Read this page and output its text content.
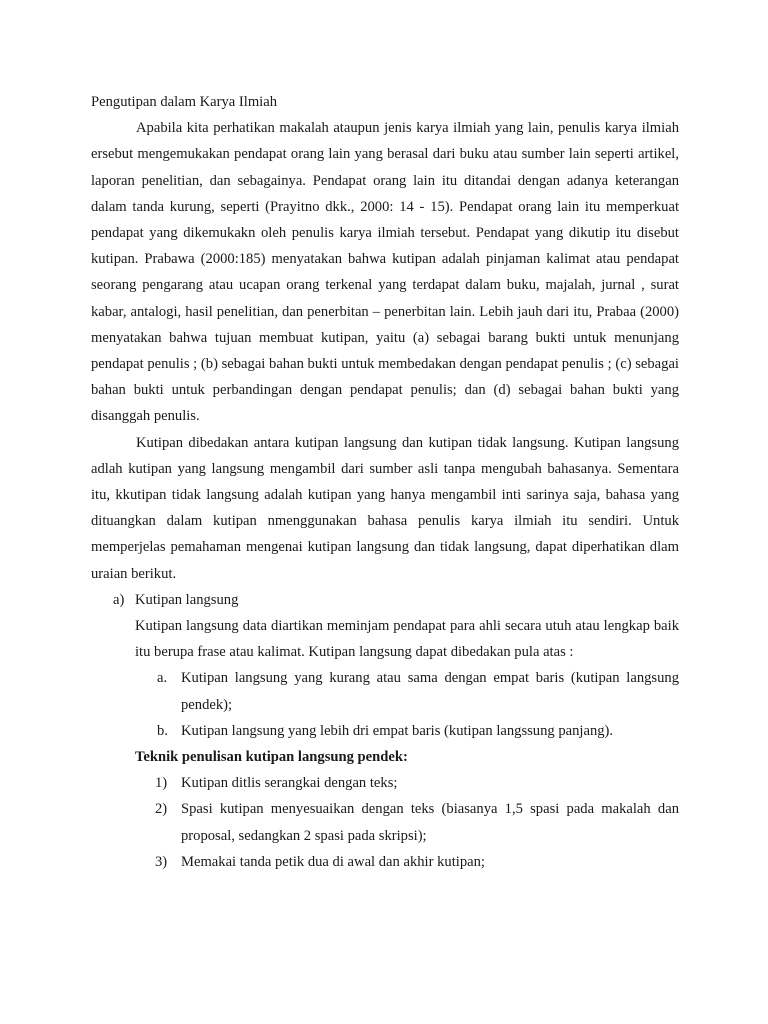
Pengutipan dalam Karya Ilmiah

Apabila kita perhatikan makalah ataupun jenis karya ilmiah yang lain, penulis karya ilmiah ersebut mengemukakan pendapat orang lain yang berasal dari buku atau sumber lain seperti artikel, laporan penelitian, dan sebagainya. Pendapat orang lain itu ditandai dengan adanya keterangan dalam tanda kurung, seperti (Prayitno dkk., 2000: 14 - 15). Pendapat orang lain itu memperkuat pendapat yang dikemukakn oleh penulis karya ilmiah tersebut. Pendapat yang dikutip itu disebut kutipan. Prabawa (2000:185) menyatakan bahwa kutipan adalah pinjaman kalimat atau pendapat seorang pengarang atau ucapan orang terkenal yang terdapat dalam buku, majalah, jurnal , surat kabar, antalogi, hasil penelitian, dan penerbitan – penerbitan lain. Lebih jauh dari itu, Prabaa (2000) menyatakan bahwa tujuan membuat kutipan, yaitu (a) sebagai barang bukti untuk menunjang pendapat penulis ; (b) sebagai bahan bukti untuk membedakan dengan pendapat penulis ; (c) sebagai bahan bukti untuk perbandingan dengan pendapat penulis; dan (d) sebagai bahan bukti yang disanggah penulis.

Kutipan dibedakan antara kutipan langsung dan kutipan tidak langsung. Kutipan langsung adlah kutipan yang langsung mengambil dari sumber asli tanpa mengubah bahasanya. Sementara itu, kkutipan tidak langsung adalah kutipan yang hanya mengambil inti sarinya saja, bahasa yang dituangkan dalam kutipan nmenggunakan bahasa penulis karya ilmiah itu sendiri. Untuk memperjelas pemahaman mengenai kutipan langsung dan tidak langsung, dapat diperhatikan dlam uraian berikut.

a) Kutipan langsung

Kutipan langsung data diartikan meminjam pendapat para ahli secara utuh atau lengkap baik itu berupa frase atau kalimat. Kutipan langsung dapat dibedakan pula atas :

a. Kutipan langsung yang kurang atau sama dengan empat baris (kutipan langsung pendek);
b. Kutipan langsung yang lebih dri empat baris (kutipan langssung panjang).

Teknik penulisan kutipan langsung pendek:

1) Kutipan ditlis serangkai dengan teks;
2) Spasi kutipan menyesuaikan dengan teks (biasanya 1,5 spasi pada makalah dan proposal, sedangkan 2 spasi pada skripsi);
3) Memakai tanda petik dua di awal dan akhir kutipan;
